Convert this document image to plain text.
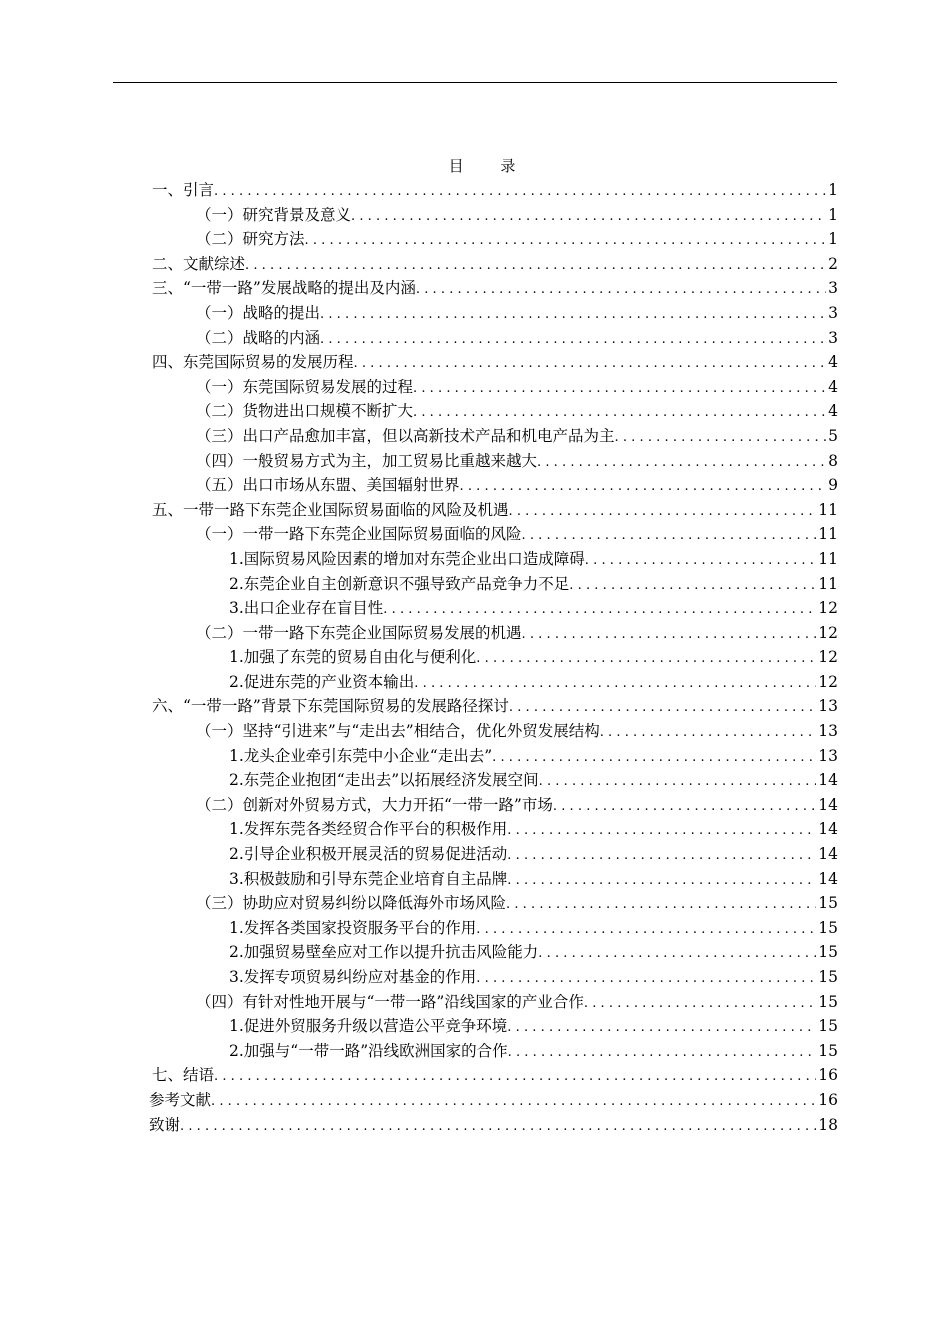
目 录
一、引言 .....	1
（一）研究背景及意义 .....	1
（二）研究方法 .....	1
二、文献综述 .....	2
三、“一带一路”发展战略的提出及内涵 .....	3
（一）战略的提出 .....	3
（二）战略的内涵 .....	3
四、东莞国际贸易的发展历程 .....	4
（一）东莞国际贸易发展的过程 .....	4
（二）货物进出口规模不断扩大 .....	4
（三）出口产品愈加丰富，但以高新技术产品和机电产品为主 .....	5
（四）一般贸易方式为主，加工贸易比重越来越大 .....	8
（五）出口市场从东盟、美国辐射世界 .....	9
五、一带一路下东莞企业国际贸易面临的风险及机遇 .....	11
（一）一带一路下东莞企业国际贸易面临的风险 .....	11
1.国际贸易风险因素的增加对东莞企业出口造成障碍 .....	11
2.东莞企业自主创新意识不强导致产品竞争力不足 .....	11
3.出口企业存在盲目性 .....	12
（二）一带一路下东莞企业国际贸易发展的机遇 .....	12
1.加强了东莞的贸易自由化与便利化 .....	12
2.促进东莞的产业资本输出 .....	12
六、“一带一路”背景下东莞国际贸易的发展路径探讨 .....	13
（一）坚持“引进来”与“走出去”相结合，优化外贸发展结构 .....	13
1.龙头企业牵引东莞中小企业“走出去” .....	13
2.东莞企业抱团“走出去”以拓展经济发展空间 .....	14
（二）创新对外贸易方式，大力开拓“一带一路”市场 .....	14
1.发挥东莞各类经贸合作平台的积极作用 .....	14
2.引导企业积极开展灵活的贸易促进活动 .....	14
3.积极鼓励和引导东莞企业培育自主品牌 .....	14
（三）协助应对贸易纠纷以降低海外市场风险 .....	15
1.发挥各类国家投资服务平台的作用 .....	15
2.加强贸易壁垒应对工作以提升抗击风险能力 .....	15
3.发挥专项贸易纠纷应对基金的作用 .....	15
（四）有针对性地开展与“一带一路”沿线国家的产业合作 .....	15
1.促进外贸服务升级以营造公平竞争环境 .....	15
2.加强与“一带一路”沿线欧洲国家的合作 .....	15
七、结语 .....	16
参考文献 .....	16
致谢 .....	18
